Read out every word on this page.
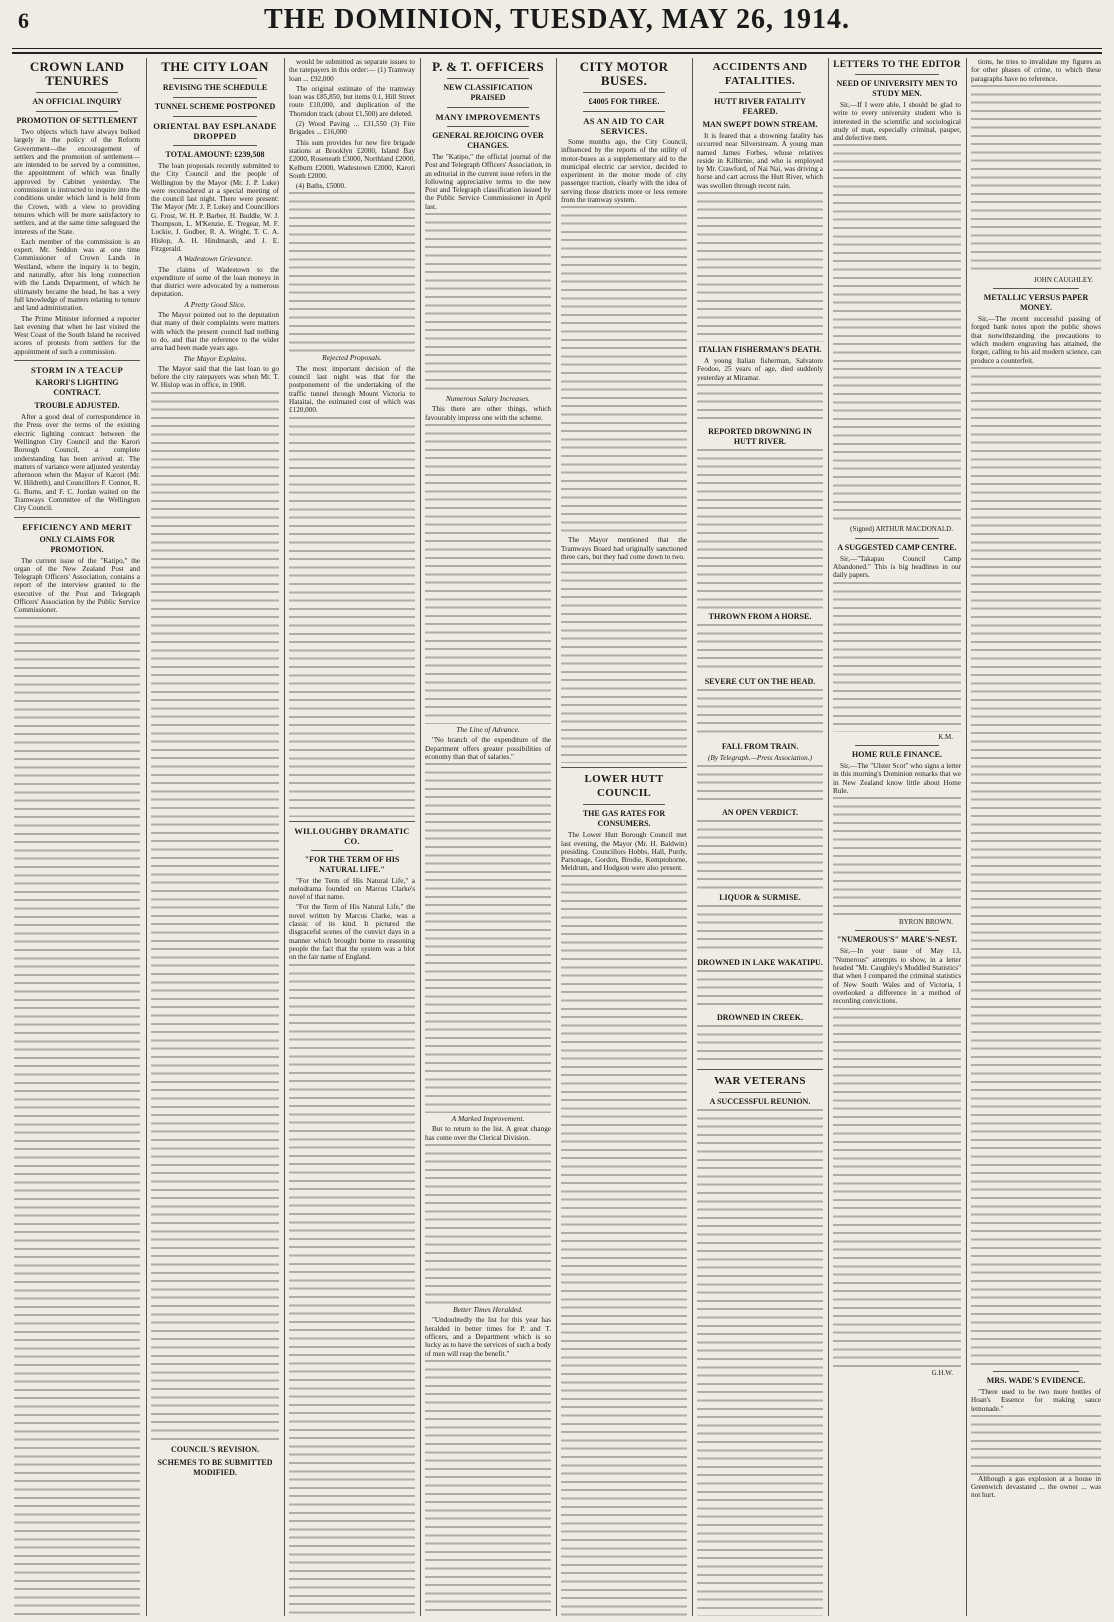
6	THE DOMINION, TUESDAY, MAY 26, 1914.
CROWN LAND TENURES
AN OFFICIAL INQUIRY
PROMOTION OF SETTLEMENT

Two objects which have always bulked largely in the policy of the Reform Government—the encouragement of settlers and the promotion of settlement—are intended to be served by a committee, the appointment of which was finally approved by Cabinet yesterday. The commission is instructed to inquire into the conditions under which land is held from the Crown, with a view to providing tenures which will be more satisfactory to settlers, and at the same time safeguard the interests of the State.

Each member of the commission is an expert. Mr. Seddon was at one time Commissioner of Crown Lands in Westland, where the inquiry is to begin, and naturally, after his long connection with the Lands Department, of which he ultimately became the head, he has a very full knowledge of matters relating to tenure and land administration.

The Prime Minister informed a reporter last evening that when he last visited the West Coast of the South Island he received scores of protests from settlers for the appointment of such a commission.

STORM IN A TEACUP
KARORI'S LIGHTING CONTRACT.
TROUBLE ADJUSTED.

After a good deal of correspondence in the Press over the terms of the existing electric lighting contract between the Wellington City Council and the Karori Borough Council, a complete understanding has been arrived at. The matters of variance were adjusted yesterday afternoon when the Mayor of Karori (Mr. W. Hildreth), and Councillors F. Connor, R. G. Burns, and F. C. Jordan waited on the Tramways Committee of the Wellington City Council.

EFFICIENCY AND MERIT
ONLY CLAIMS FOR PROMOTION.

The current issue of the "Katipo," the organ of the New Zealand Post and Telegraph Officers' Association, contains a report of the interview granted to the executive of the Post and Telegraph Officers' Association by the Public Service Commissioner.

THE CITY LOAN
REVISING THE SCHEDULE
TUNNEL SCHEME POSTPONED
ORIENTAL BAY ESPLANADE DROPPED
TOTAL AMOUNT: £239,508

The loan proposals recently submitted to the City Council and the people of Wellington by the Mayor (Mr. J. P. Luke) were reconsidered at a special meeting of the council last night. There were present: The Mayor (Mr. J. P. Luke) and Councillors G. Frost, W. H. P. Barber, H. Buddle, W. J. Thompson, L. M'Kenzie, E. Tregear, M. F. Luckie, J. Godber, R. A. Wright, T. C. A. Hislop, A. H. Hindmarsh, and J. E. Fitzgerald.

A Wadestown Grievance.

The claims of Wadestown to the expenditure of some of the loan moneys in that district were advocated by a numerous deputation.

A Pretty Good Slice.

The Mayor pointed out to the deputation that many of their complaints were matters with which the present council had nothing to do, and that the reference to the wider area had been made years ago.

The Mayor Explains.

The Mayor said that the last loan to go before the city ratepayers was when Mr. T. W. Hislop was in office, in 1908.

COUNCIL'S REVISION.
SCHEMES TO BE SUBMITTED MODIFIED.

would be submitted as separate issues to the ratepayers in this order:— (1) Tramway loan ... £92,000

The original estimate of the tramway loan was £85,850, but items 0.1, Hill Street route £10,000, and duplication of the Thorndon track (about £1,500) are deleted.

(2) Wood Paving ... £31,550 (3) Fire Brigades ... £16,000

This sum provides for new fire brigade stations at Brooklyn £2000, Island Bay £2000, Roseneath £3000, Northland £2000, Kelburn £2000, Wadestown £2000, Karori South £2000.

(4) Baths, £5000.

Rejected Proposals.

The most important decision of the council last night was that for the postponement of the undertaking of the traffic tunnel through Mount Victoria to Hataitai, the estimated cost of which was £120,000.

WILLOUGHBY DRAMATIC CO.
"FOR THE TERM OF HIS NATURAL LIFE."

"For the Term of His Natural Life," a melodrama founded on Marcus Clarke's novel of that name.

"For the Term of His Natural Life," the novel written by Marcus Clarke, was a classic of its kind. It pictured the disgraceful scenes of the convict days in a manner which brought home to reasoning people the fact that the system was a blot on the fair name of England.

P. & T. OFFICERS
NEW CLASSIFICATION PRAISED
MANY IMPROVEMENTS
GENERAL REJOICING OVER CHANGES.

The "Katipo," the official journal of the Post and Telegraph Officers' Association, in an editorial in the current issue refers in the following appreciative terms to the new Post and Telegraph classification issued by the Public Service Commissioner in April last.

Numerous Salary Increases.

This there are other things, which favourably impress one with the scheme.

The Line of Advance.

"No branch of the expenditure of the Department offers greater possibilities of economy than that of salaries."

A Marked Improvement.

But to return to the list. A great change has come over the Clerical Division.

Better Times Heralded.

"Undoubtedly the list for this year has heralded in better times for P. and T. officers, and a Department which is so lucky as to have the services of such a body of men will reap the benefit."

CITY MOTOR BUSES.
£4005 FOR THREE.
AS AN AID TO CAR SERVICES.

Some months ago, the City Council, influenced by the reports of the utility of motor-buses as a supplementary aid to the municipal electric car service, decided to experiment in the motor mode of city passenger traction, clearly with the idea of serving those districts more or less remote from the tramway system.

The Mayor mentioned that the Tramways Board had originally sanctioned three cars, but they had come down to two.

LOWER HUTT COUNCIL
THE GAS RATES FOR CONSUMERS.

The Lower Hutt Borough Council met last evening, the Mayor (Mr. H. Baldwin) presiding. Councillors Hobbs, Hall, Purdy, Parsonage, Gordon, Brodie, Kemptohorne, Meldrum, and Hodgson were also present.

ACCIDENTS AND FATALITIES.
HUTT RIVER FATALITY FEARED.
MAN SWEPT DOWN STREAM.

It is feared that a drowning fatality has occurred near Silverstream. A young man named James Forbes, whose relatives reside in Kilbirnie, and who is employed by Mr. Crawford, of Nai Nai, was driving a horse and cart across the Hutt River, which was swollen through recent rain.

ITALIAN FISHERMAN'S DEATH.

A young Italian fisherman, Salvatore Feodoo, 25 years of age, died suddenly yesterday at Miramar.

REPORTED DROWNING IN HUTT RIVER.
THROWN FROM A HORSE.
SEVERE CUT ON THE HEAD.
FALL FROM TRAIN.
(By Telegraph.—Press Association.)
AN OPEN VERDICT.
LIQUOR & SURMISE.
DROWNED IN LAKE WAKATIPU.
DROWNED IN CREEK.
WAR VETERANS
A SUCCESSFUL REUNION.
LETTERS TO THE EDITOR
NEED OF UNIVERSITY MEN TO STUDY MEN.

Sir,—If I were able, I should be glad to write to every university student who is interested in the scientific and sociological study of man, especially criminal, pauper, and defective men.

(Signed) ARTHUR MACDONALD.
A SUGGESTED CAMP CENTRE.

Sir,—"Takapau Council Camp Abandoned." This is big headlines in our daily papers.

K.M.
HOME RULE FINANCE.

Sir,—The "Ulster Scot" who signs a letter in this morning's Dominion remarks that we in New Zealand know little about Home Rule.

BYRON BROWN.
"NUMEROUS'S" MARE'S-NEST.

Sir,—In your issue of May 13, "Numerous" attempts to show, in a letter headed "Mr. Caughley's Muddled Statistics" that when I compared the criminal statistics of New South Wales and of Victoria, I overlooked a difference in a method of recording convictions.

G.H.W.

tions, he tries to invalidate my figures as for other phases of crime, to which these paragraphs have no reference.

JOHN CAUGHLEY.
METALLIC VERSUS PAPER MONEY.

Sir,—The recent successful passing of forged bank notes upon the public shows that notwithstanding the precautions to which modern engraving has attained, the forger, calling to his aid modern science, can produce a counterfeit.

MRS. WADE'S EVIDENCE.

"There used to be two more bottles of Hoan's Essence for making sauce lemonade."

Although a gas explosion at a house in Greenwich devastated ... the owner ... was not hurt.
